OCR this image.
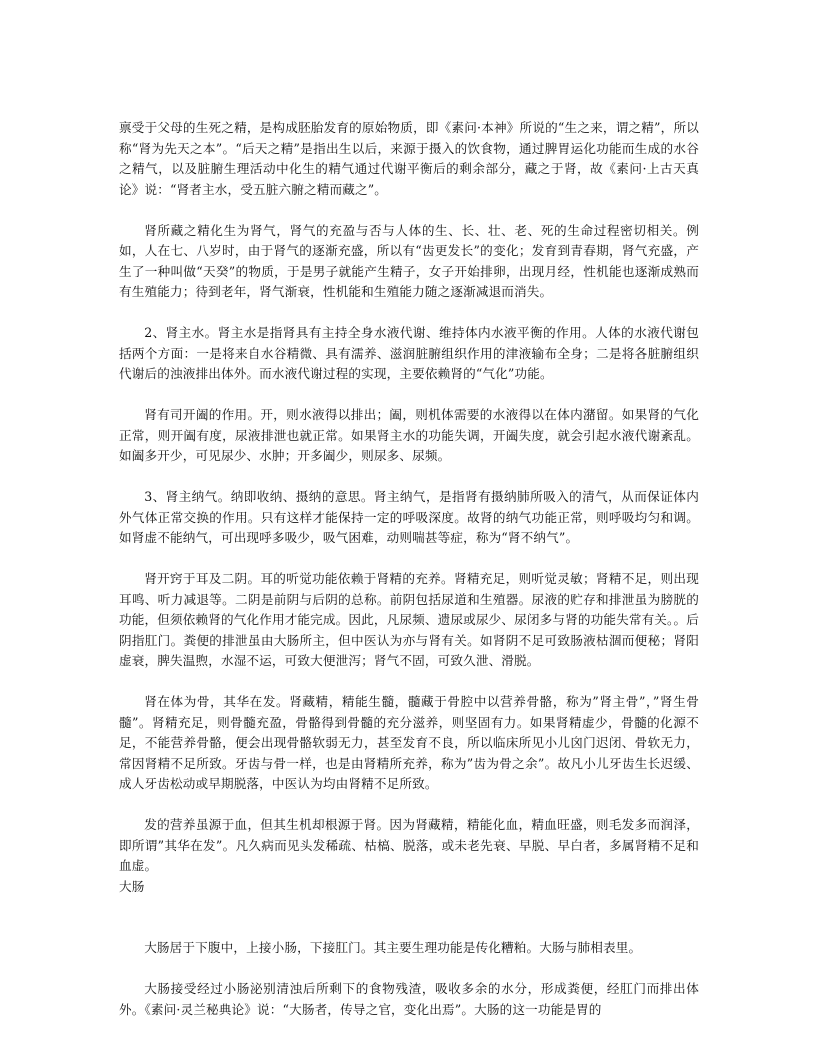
禀受于父母的生死之精，是构成胚胎发育的原始物质，即《素问·本神》所说的“生之来，谓之精”，所以称“肾为先天之本”。“后天之精”是指出生以后，来源于摄入的饮食物，通过脾胃运化功能而生成的水谷之精气，以及脏腑生理活动中化生的精气通过代谢平衡后的剩余部分，藏之于肾，故《素问·上古天真论》说：“肾者主水，受五脏六腑之精而藏之”。

肾所藏之精化生为肾气，肾气的充盈与否与人体的生、长、壮、老、死的生命过程密切相关。例如，人在七、八岁时，由于肾气的逐渐充盛，所以有“齿更发长”的变化；发育到青春期，肾气充盛，产生了一种叫做“天癸”的物质，于是男子就能产生精子，女子开始排卵，出现月经，性机能也逐渐成熟而有生殖能力；待到老年，肾气渐衰，性机能和生殖能力随之逐渐减退而消失。

2、肾主水。肾主水是指肾具有主持全身水液代谢、维持体内水液平衡的作用。人体的水液代谢包括两个方面：一是将来自水谷精微、具有濡养、滋润脏腑组织作用的津液输布全身；二是将各脏腑组织代谢后的浊液排出体外。而水液代谢过程的实现，主要依赖肾的“气化”功能。

肾有司开阖的作用。开，则水液得以排出；阖，则机体需要的水液得以在体内潴留。如果肾的气化正常，则开阖有度，尿液排泄也就正常。如果肾主水的功能失调，开阖失度，就会引起水液代谢紊乱。如阖多开少，可见尿少、水肿；开多阖少，则尿多、尿频。

3、肾主纳气。纳即收纳、摄纳的意思。肾主纳气，是指肾有摄纳肺所吸入的清气，从而保证体内外气体正常交换的作用。只有这样才能保持一定的呼吸深度。故肾的纳气功能正常，则呼吸均匀和调。如肾虚不能纳气，可出现呼多吸少，吸气困难，动则喘甚等症，称为“肾不纳气”。

肾开窍于耳及二阴。耳的听觉功能依赖于肾精的充养。肾精充足，则听觉灵敏；肾精不足，则出现耳鸣、听力减退等。二阴是前阴与后阴的总称。前阴包括尿道和生殖器。尿液的贮存和排泄虽为膀胱的功能，但须依赖肾的气化作用才能完成。因此，凡尿频、遗尿或尿少、尿闭多与肾的功能失常有关。。后阴指肛门。粪便的排泄虽由大肠所主，但中医认为亦与肾有关。如肾阴不足可致肠液枯涸而便秘；肾阳虚衰，脾失温煦，水湿不运，可致大便泄泻；肾气不固，可致久泄、滑脱。

肾在体为骨，其华在发。肾藏精，精能生髓，髓藏于骨腔中以营养骨骼，称为”肾主骨”，”肾生骨髓”。肾精充足，则骨髓充盈，骨骼得到骨髓的充分滋养，则坚固有力。如果肾精虚少，骨髓的化源不足，不能营养骨骼，便会出现骨骼软弱无力，甚至发育不良，所以临床所见小儿囟门迟闭、骨软无力，常因肾精不足所致。牙齿与骨一样，也是由肾精所充养，称为”齿为骨之余”。故凡小儿牙齿生长迟缓、成人牙齿松动或早期脱落，中医认为均由肾精不足所致。

发的营养虽源于血，但其生机却根源于肾。因为肾藏精，精能化血，精血旺盛，则毛发多而润泽，即所谓”其华在发”。凡久病而见头发稀疏、枯槁、脱落，或未老先衰、早脱、早白者，多属肾精不足和血虚。

大肠

大肠居于下腹中，上接小肠，下接肛门。其主要生理功能是传化糟粕。大肠与肺相表里。

大肠接受经过小肠泌别清浊后所剩下的食物残渣，吸收多余的水分，形成粪便，经肛门而排出体外。《素问·灵兰秘典论》说：“大肠者，传导之官，变化出焉”。大肠的这一功能是胃的
